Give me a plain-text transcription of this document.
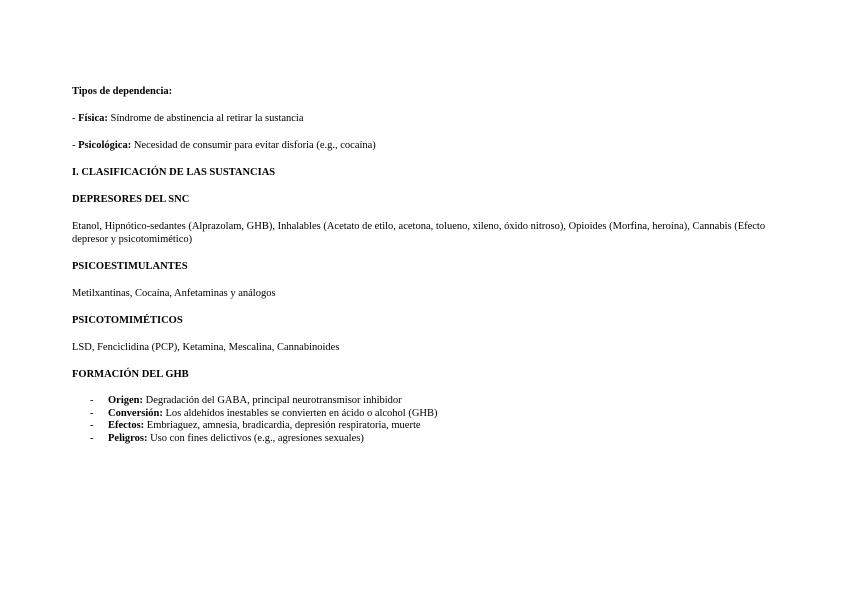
Tipos de dependencia:

- Física: Síndrome de abstinencia al retirar la sustancia

- Psicológica: Necesidad de consumir para evitar disforia (e.g., cocaína)

I. CLASIFICACIÓN DE LAS SUSTANCIAS

DEPRESORES DEL SNC

Etanol, Hipnótico-sedantes (Alprazolam, GHB), Inhalables (Acetato de etilo, acetona, tolueno, xileno, óxido nitroso), Opioides (Morfina, heroína), Cannabis (Efecto depresor y psicotomimético)

PSICOESTIMULANTES

Metilxantinas, Cocaína, Anfetaminas y análogos

PSICOTOMIMÉTICOS

LSD, Fenciclidina (PCP), Ketamina, Mescalina, Cannabinoides

FORMACIÓN DEL GHB

- Origen: Degradación del GABA, principal neurotransmisor inhibidor
- Conversión: Los aldehídos inestables se convierten en ácido o alcohol (GHB)
- Efectos: Embriaguez, amnesia, bradicardia, depresión respiratoria, muerte
- Peligros: Uso con fines delictivos (e.g., agresiones sexuales)
